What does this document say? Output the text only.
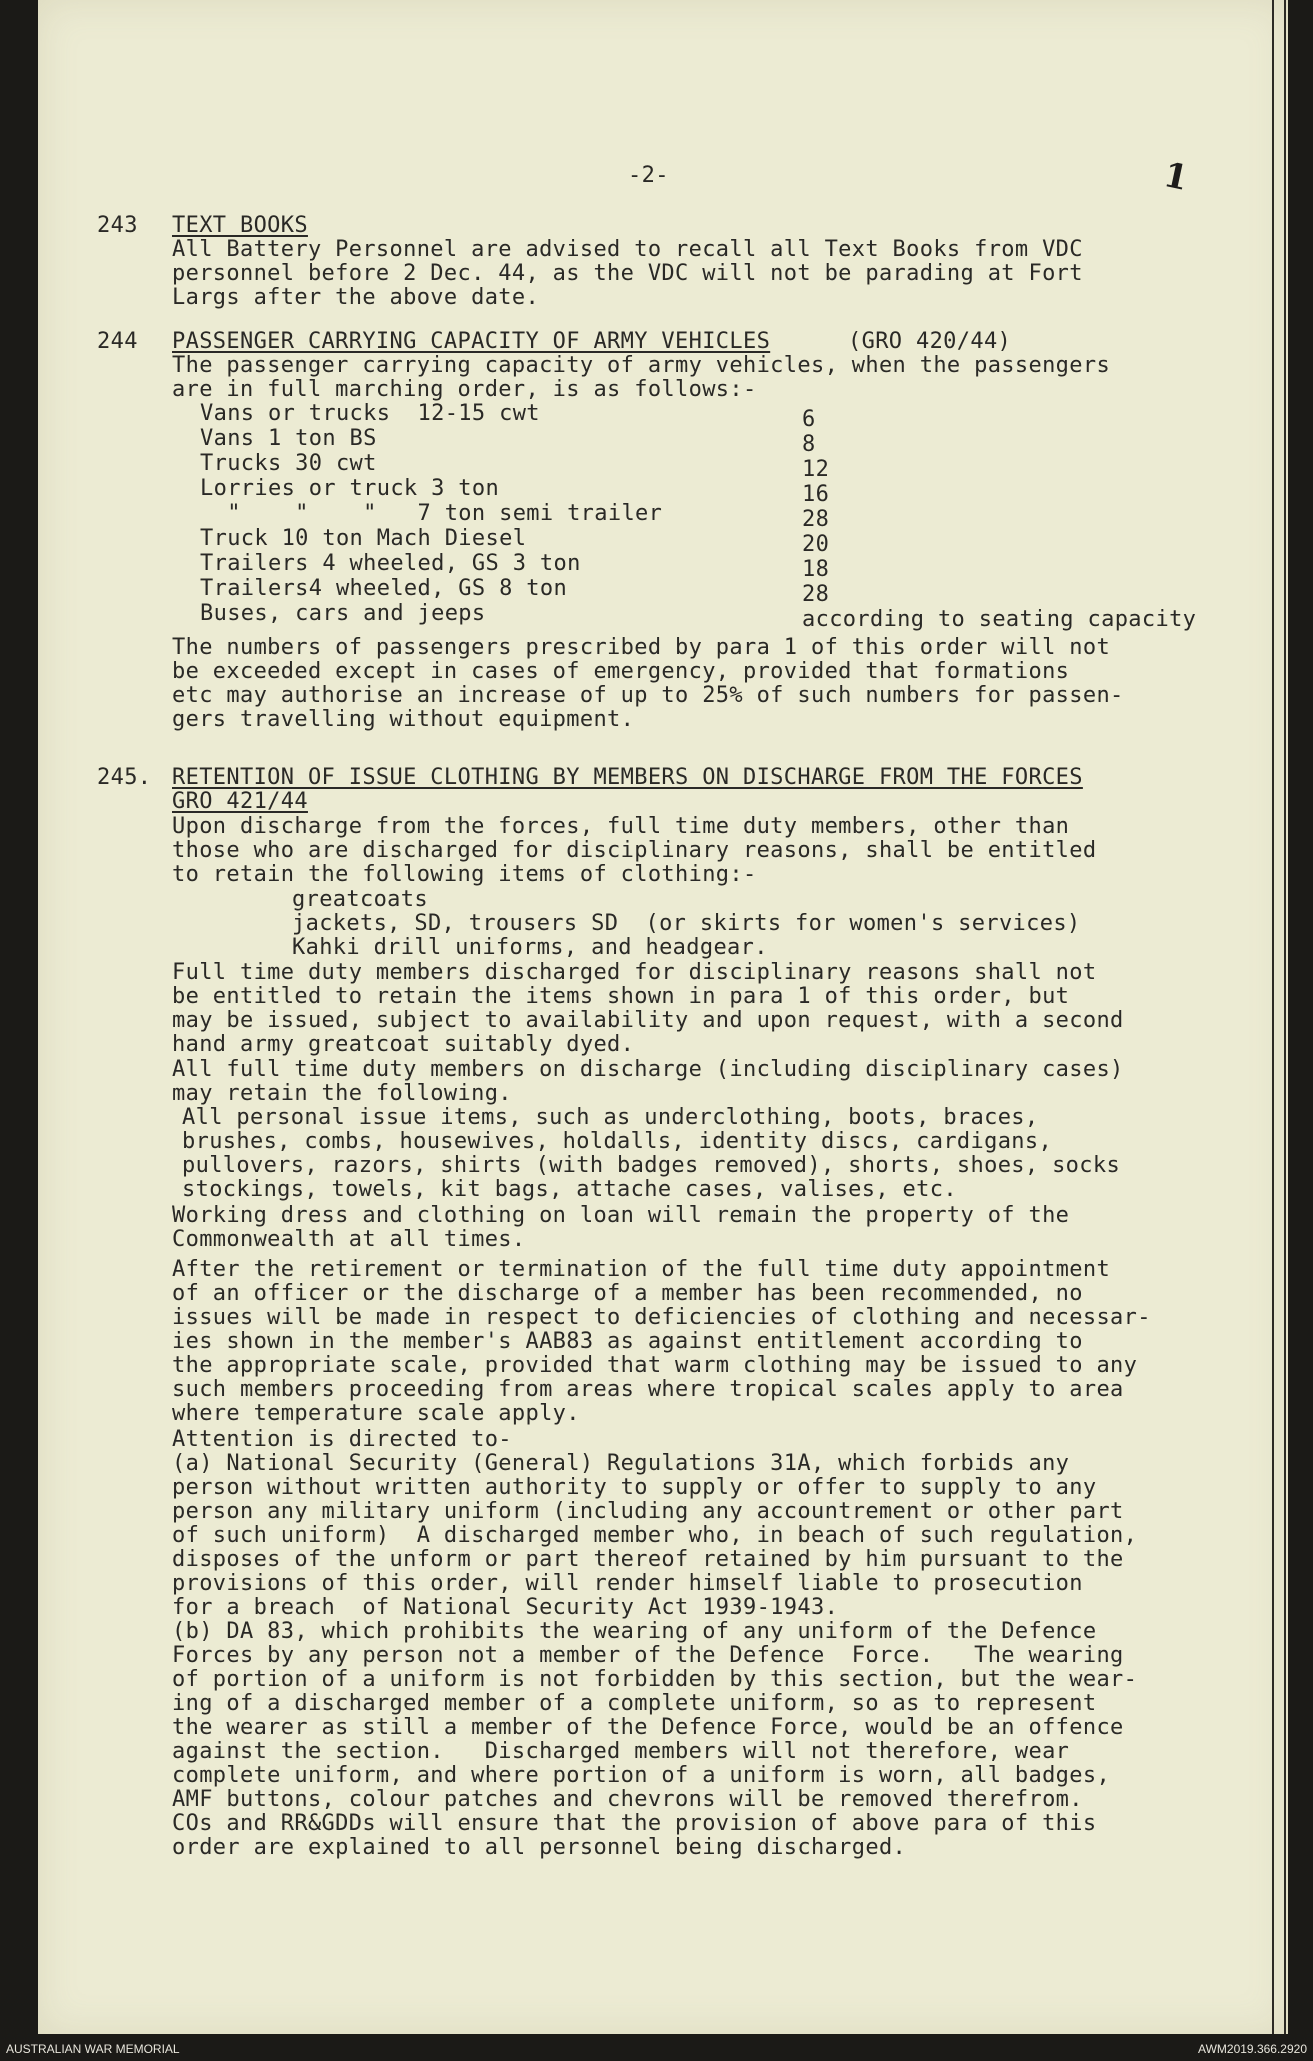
-2-	1
243 TEXT BOOKS
All Battery Personnel are advised to recall all Text Books from VDC
personnel before 2 Dec. 44, as the VDC will not be parading at Fort
Largs after the above date.
244 PASSENGER CARRYING CAPACITY OF ARMY VEHICLES	(GRO 420/44)
The passenger carrying capacity of army vehicles, when the passengers
are in full marching order, is as follows:-
Vans or trucks  12-15 cwt	6
Vans 1 ton BS	8
Trucks 30 cwt	12
Lorries or truck 3 ton	16
"    "    "   7 ton semi trailer	28
Truck 10 ton Mach Diesel	20
Trailers 4 wheeled, GS 3 ton	18
Trailers4 wheeled, GS 8 ton	28
Buses, cars and jeeps	according to seating capacity
The numbers of passengers prescribed by para 1 of this order will not
be exceeded except in cases of emergency, provided that formations
etc may authorise an increase of up to 25% of such numbers for passen-
gers travelling without equipment.
245. RETENTION OF ISSUE CLOTHING BY MEMBERS ON DISCHARGE FROM THE FORCES
GRO 421/44
Upon discharge from the forces, full time duty members, other than
those who are discharged for disciplinary reasons, shall be entitled
to retain the following items of clothing:-
greatcoats
jackets, SD, trousers SD  (or skirts for women's services)
Kahki drill uniforms, and headgear.
Full time duty members discharged for disciplinary reasons shall not
be entitled to retain the items shown in para 1 of this order, but
may be issued, subject to availability and upon request, with a second
hand army greatcoat suitably dyed.
All full time duty members on discharge (including disciplinary cases)
may retain the following.
All personal issue items, such as underclothing, boots, braces,
brushes, combs, housewives, holdalls, identity discs, cardigans,
pullovers, razors, shirts (with badges removed), shorts, shoes, socks
stockings, towels, kit bags, attache cases, valises, etc.
Working dress and clothing on loan will remain the property of the
Commonwealth at all times.
After the retirement or termination of the full time duty appointment
of an officer or the discharge of a member has been recommended, no
issues will be made in respect to deficiencies of clothing and necessar-
ies shown in the member's AAB83 as against entitlement according to
the appropriate scale, provided that warm clothing may be issued to any
such members proceeding from areas where tropical scales apply to area
where temperature scale apply.
Attention is directed to-
(a) National Security (General) Regulations 31A, which forbids any
person without written authority to supply or offer to supply to any
person any military uniform (including any accountrement or other part
of such uniform)  A discharged member who, in beach of such regulation,
disposes of the unform or part thereof retained by him pursuant to the
provisions of this order, will render himself liable to prosecution
for a breach  of National Security Act 1939-1943.
(b) DA 83, which prohibits the wearing of any uniform of the Defence
Forces by any person not a member of the Defence  Force.   The wearing
of portion of a uniform is not forbidden by this section, but the wear-
ing of a discharged member of a complete uniform, so as to represent
the wearer as still a member of the Defence Force, would be an offence
against the section.   Discharged members will not therefore, wear
complete uniform, and where portion of a uniform is worn, all badges,
AMF buttons, colour patches and chevrons will be removed therefrom.
COs and RR&GDDs will ensure that the provision of above para of this
order are explained to all personnel being discharged.
AUSTRALIAN WAR MEMORIAL	AWM2019.366.2920
